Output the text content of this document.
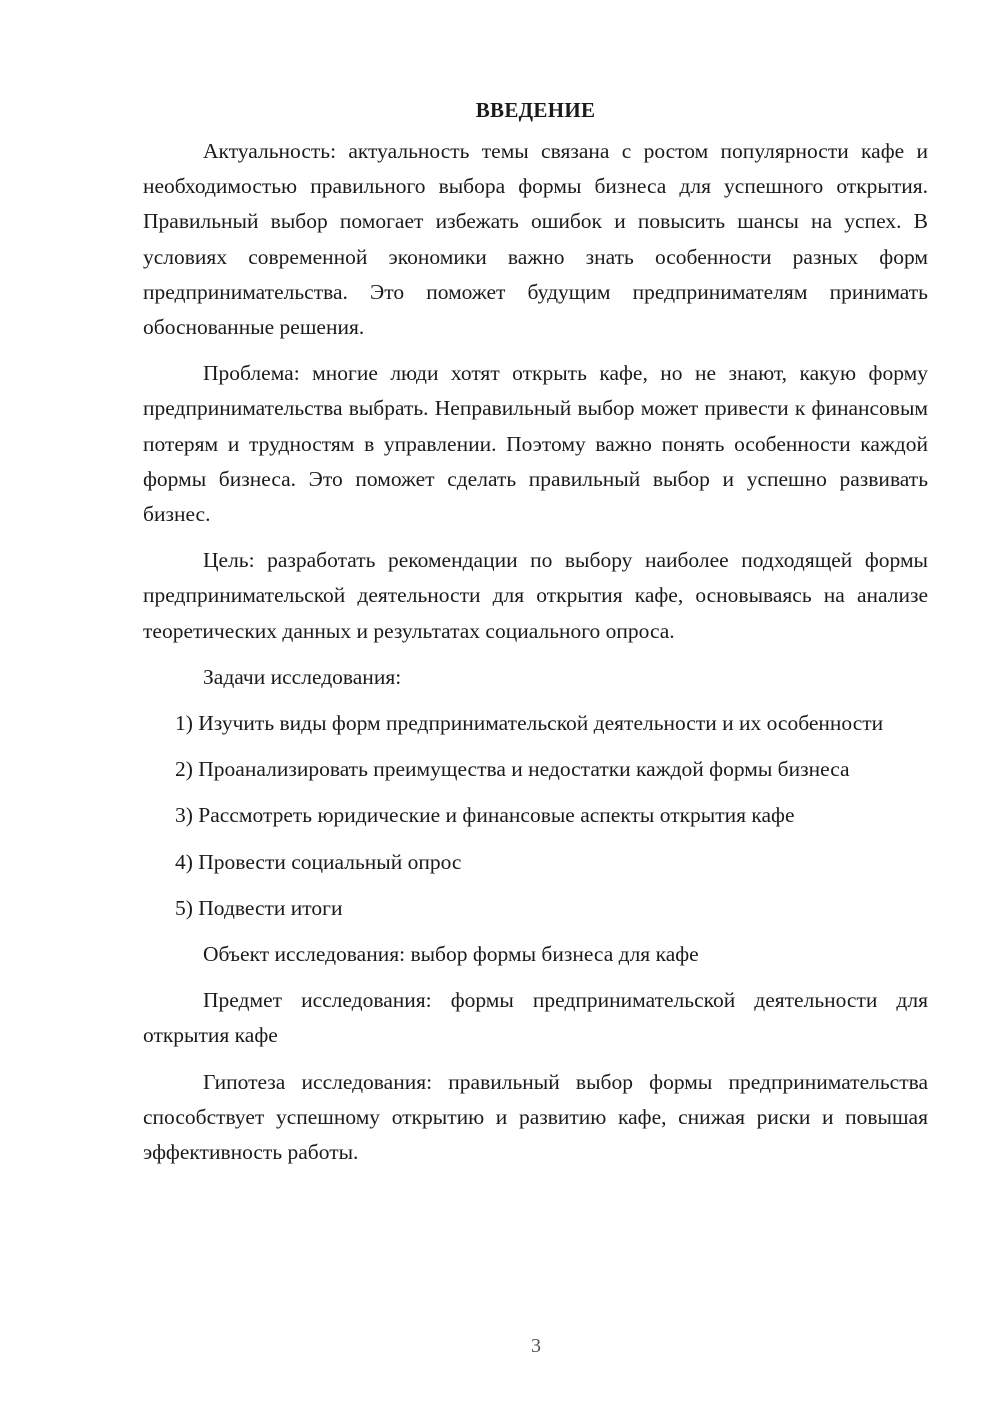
ВВЕДЕНИЕ

Актуальность: актуальность темы связана с ростом популярности кафе и необходимостью правильного выбора формы бизнеса для успешного открытия. Правильный выбор помогает избежать ошибок и повысить шансы на успех. В условиях современной экономики важно знать особенности разных форм предпринимательства. Это поможет будущим предпринимателям принимать обоснованные решения.

Проблема: многие люди хотят открыть кафе, но не знают, какую форму предпринимательства выбрать. Неправильный выбор может привести к финансовым потерям и трудностям в управлении. Поэтому важно понять особенности каждой формы бизнеса. Это поможет сделать правильный выбор и успешно развивать бизнес.

Цель: разработать рекомендации по выбору наиболее подходящей формы предпринимательской деятельности для открытия кафе, основываясь на анализе теоретических данных и результатах социального опроса.

Задачи исследования:

1) Изучить виды форм предпринимательской деятельности и их особенности

2) Проанализировать преимущества и недостатки каждой формы бизнеса

3) Рассмотреть юридические и финансовые аспекты открытия кафе

4) Провести социальный опрос

5) Подвести итоги

Объект исследования: выбор формы бизнеса для кафе

Предмет исследования: формы предпринимательской деятельности для открытия кафе

Гипотеза исследования: правильный выбор формы предпринимательства способствует успешному открытию и развитию кафе, снижая риски и повышая эффективность работы.

3
